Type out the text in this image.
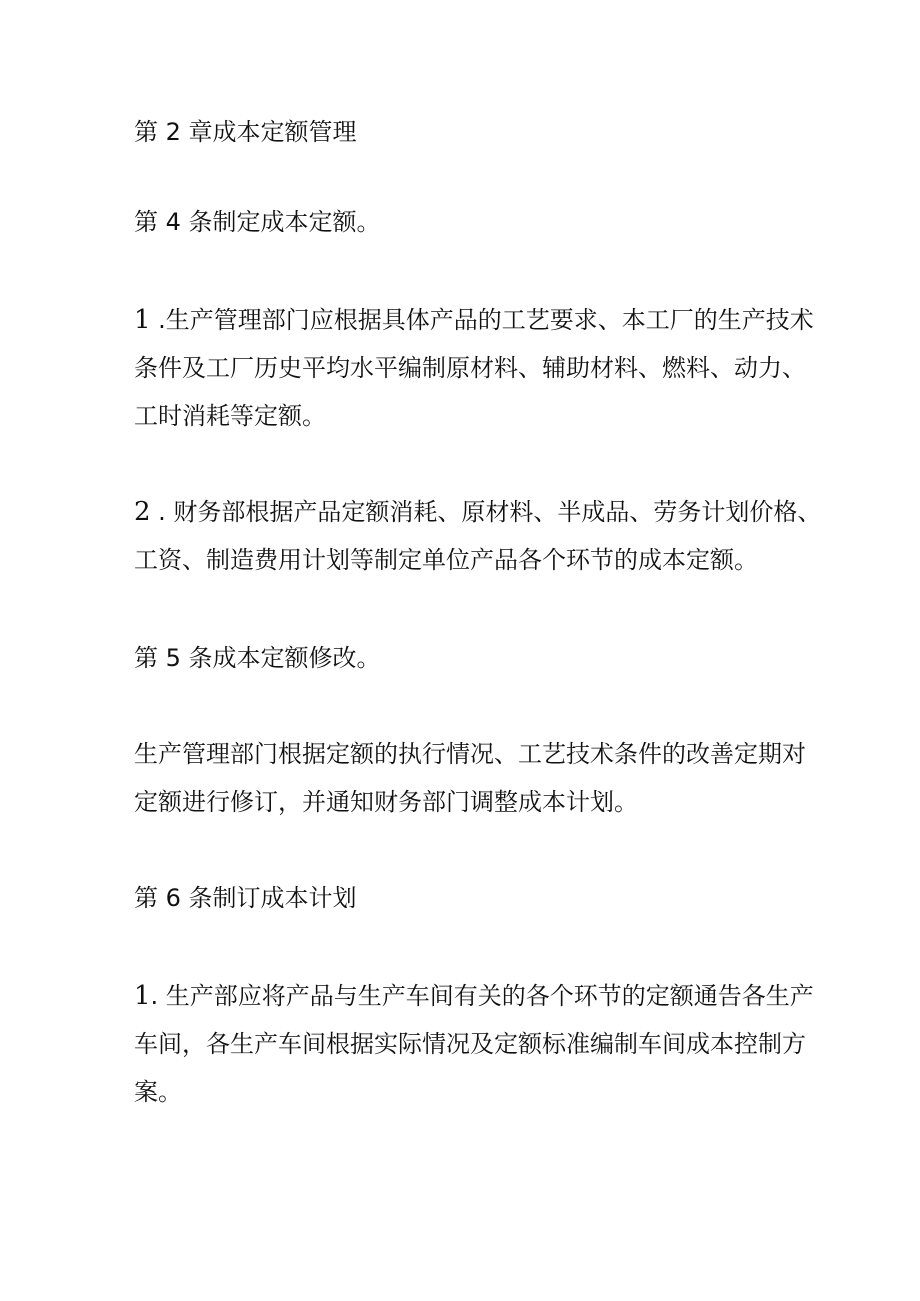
第 2 章成本定额管理
第 4 条制定成本定额。
1 .生产管理部门应根据具体产品的工艺要求、本工厂的生产技术
条件及工厂历史平均水平编制原材料、辅助材料、燃料、动力、
工时消耗等定额。
2 . 财务部根据产品定额消耗、原材料、半成品、劳务计划价格、
工资、制造费用计划等制定单位产品各个环节的成本定额。
第 5 条成本定额修改。
生产管理部门根据定额的执行情况、工艺技术条件的改善定期对
定额进行修订，并通知财务部门调整成本计划。
第 6 条制订成本计划
1. 生产部应将产品与生产车间有关的各个环节的定额通告各生产
车间，各生产车间根据实际情况及定额标准编制车间成本控制方
案。
